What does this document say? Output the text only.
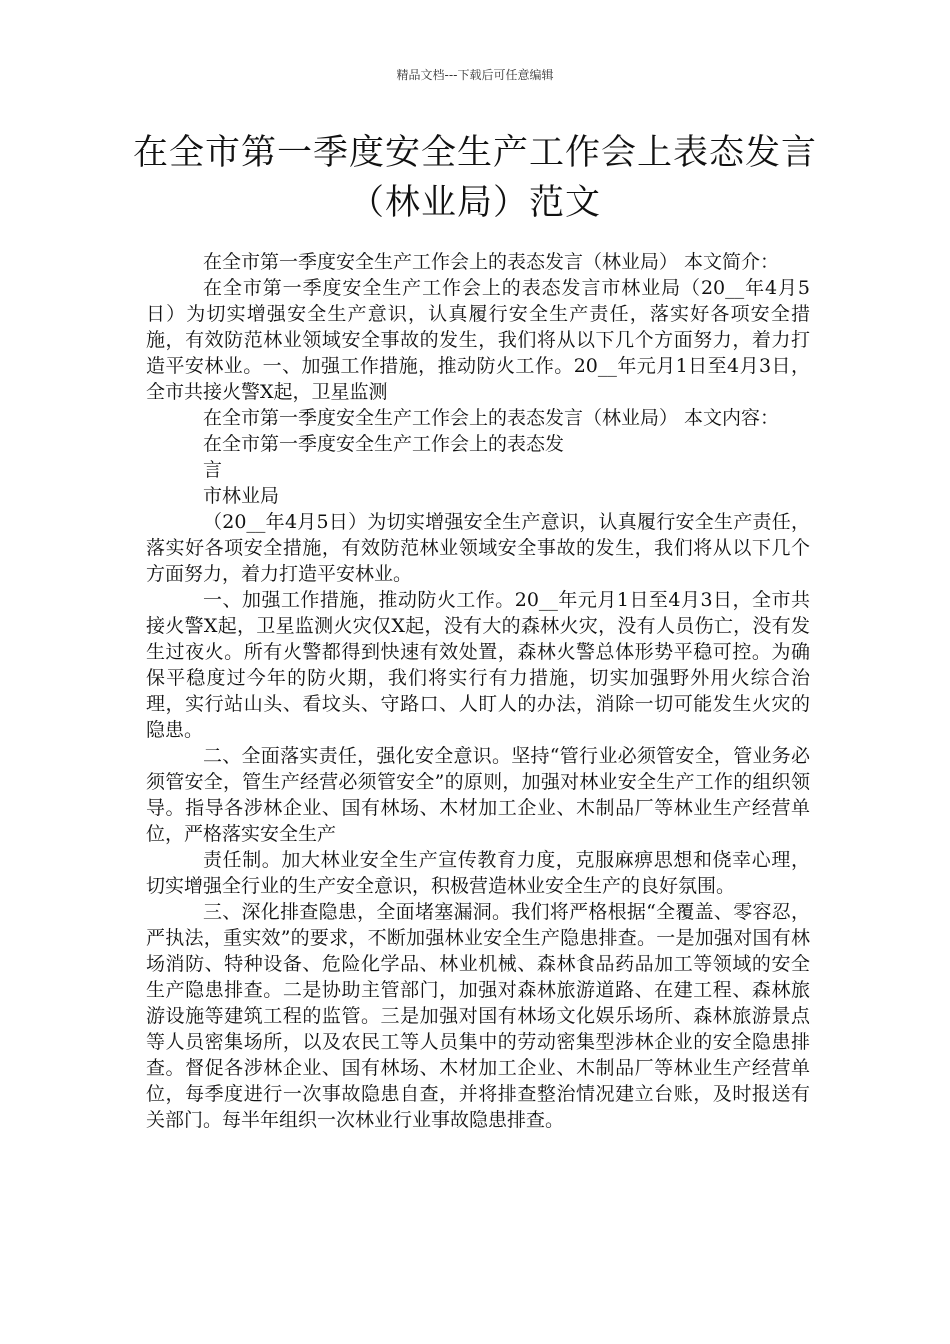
精品文档---下载后可任意编辑
在全市第一季度安全生产工作会上表态发言（林业局）范文

在全市第一季度安全生产工作会上的表态发言（林业局） 本文简介：

在全市第一季度安全生产工作会上的表态发言市林业局（20__年4月5日）为切实增强安全生产意识，认真履行安全生产责任，落实好各项安全措施，有效防范林业领域安全事故的发生，我们将从以下几个方面努力，着力打造平安林业。一、加强工作措施，推动防火工作。20__年元月1日至4月3日，全市共接火警X起，卫星监测

在全市第一季度安全生产工作会上的表态发言（林业局） 本文内容：

在全市第一季度安全生产工作会上的表态发

言

市林业局

（20__年4月5日）为切实增强安全生产意识，认真履行安全生产责任，落实好各项安全措施，有效防范林业领域安全事故的发生，我们将从以下几个方面努力，着力打造平安林业。

一、加强工作措施，推动防火工作。20__年元月1日至4月3日，全市共接火警X起，卫星监测火灾仅X起，没有大的森林火灾，没有人员伤亡，没有发生过夜火。所有火警都得到快速有效处置，森林火警总体形势平稳可控。为确保平稳度过今年的防火期，我们将实行有力措施，切实加强野外用火综合治理，实行站山头、看坟头、守路口、人盯人的办法，消除一切可能发生火灾的隐患。

二、全面落实责任，强化安全意识。坚持“管行业必须管安全，管业务必须管安全，管生产经营必须管安全”的原则，加强对林业安全生产工作的组织领导。指导各涉林企业、国有林场、木材加工企业、木制品厂等林业生产经营单位，严格落实安全生产

责任制。加大林业安全生产宣传教育力度，克服麻痹思想和侥幸心理，切实增强全行业的生产安全意识，积极营造林业安全生产的良好氛围。

三、深化排查隐患，全面堵塞漏洞。我们将严格根据“全覆盖、零容忍，严执法，重实效”的要求，不断加强林业安全生产隐患排查。一是加强对国有林场消防、特种设备、危险化学品、林业机械、森林食品药品加工等领域的安全生产隐患排查。二是协助主管部门，加强对森林旅游道路、在建工程、森林旅游设施等建筑工程的监管。三是加强对国有林场文化娱乐场所、森林旅游景点等人员密集场所，以及农民工等人员集中的劳动密集型涉林企业的安全隐患排查。督促各涉林企业、国有林场、木材加工企业、木制品厂等林业生产经营单位，每季度进行一次事故隐患自查，并将排查整治情况建立台账，及时报送有关部门。每半年组织一次林业行业事故隐患排查。
